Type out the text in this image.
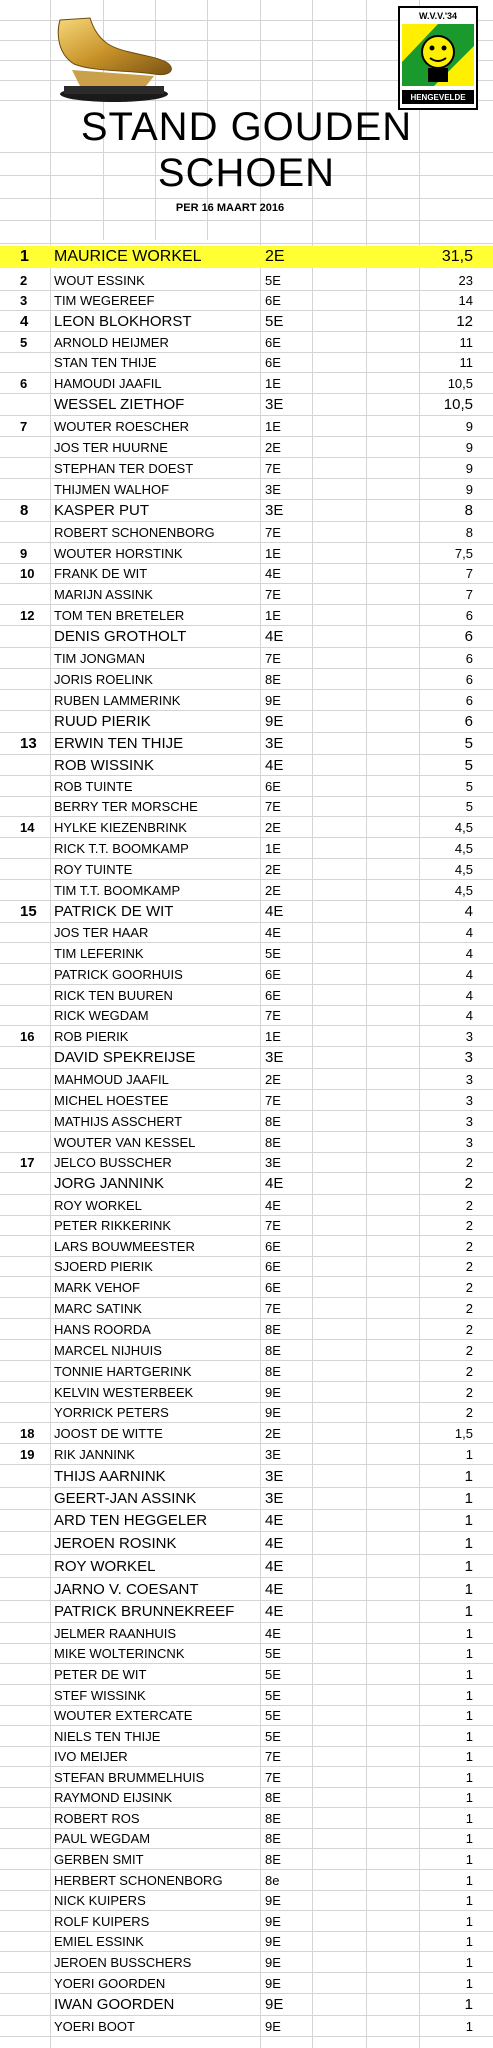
W.V.V.'34
HENGEVELDE
STAND GOUDEN SCHOEN
PER 16 MAART 2016
1	MAURICE WORKEL	2E	31,5
2	WOUT ESSINK	5E	23
3	TIM WEGEREEF	6E	14
4	LEON BLOKHORST	5E	12
5	ARNOLD HEIJMER	6E	11
STAN TEN THIJE	6E	11
6	HAMOUDI JAAFIL	1E	10,5
WESSEL ZIETHOF	3E	10,5
7	WOUTER ROESCHER	1E	9
JOS TER HUURNE	2E	9
STEPHAN TER DOEST	7E	9
THIJMEN WALHOF	3E	9
8	KASPER PUT	3E	8
ROBERT SCHONENBORG	7E	8
9	WOUTER HORSTINK	1E	7,5
10	FRANK DE WIT	4E	7
MARIJN ASSINK	7E	7
12	TOM TEN BRETELER	1E	6
DENIS GROTHOLT	4E	6
TIM JONGMAN	7E	6
JORIS ROELINK	8E	6
RUBEN LAMMERINK	9E	6
RUUD PIERIK	9E	6
13 ERWIN TEN THIJE	3E	5
ROB WISSINK	4E	5
ROB TUINTE	6E	5
BERRY TER MORSCHE	7E	5
14	HYLKE KIEZENBRINK	2E	4,5
RICK T.T. BOOMKAMP	1E	4,5
ROY TUINTE	2E	4,5
TIM T.T. BOOMKAMP	2E	4,5
15 PATRICK DE WIT	4E	4
JOS TER HAAR	4E	4
TIM LEFERINK	5E	4
PATRICK GOORHUIS	6E	4
RICK TEN BUUREN	6E	4
RICK WEGDAM	7E	4
16	ROB PIERIK	1E	3
DAVID SPEKREIJSE	3E	3
MAHMOUD JAAFIL	2E	3
MICHEL HOESTEE	7E	3
MATHIJS ASSCHERT	8E	3
WOUTER VAN KESSEL	8E	3
17	JELCO BUSSCHER	3E	2
JORG JANNINK	4E	2
ROY WORKEL	4E	2
PETER RIKKERINK	7E	2
LARS BOUWMEESTER	6E	2
SJOERD PIERIK	6E	2
MARK VEHOF	6E	2
MARC SATINK	7E	2
HANS ROORDA	8E	2
MARCEL NIJHUIS	8E	2
TONNIE HARTGERINK	8E	2
KELVIN WESTERBEEK	9E	2
YORRICK PETERS	9E	2
18	JOOST DE WITTE	2E	1,5
19	RIK JANNINK	3E	1
THIJS AARNINK	3E	1
GEERT-JAN ASSINK	3E	1
ARD TEN HEGGELER	4E	1
JEROEN ROSINK	4E	1
ROY WORKEL	4E	1
JARNO V. COESANT	4E	1
PATRICK BRUNNEKREEF 4E	1
JELMER RAANHUIS	4E	1
MIKE WOLTERINCNK	5E	1
PETER DE WIT	5E	1
STEF WISSINK	5E	1
WOUTER EXTERCATE	5E	1
NIELS TEN THIJE	5E	1
IVO MEIJER	7E	1
STEFAN BRUMMELHUIS	7E	1
RAYMOND EIJSINK	8E	1
ROBERT ROS	8E	1
PAUL WEGDAM	8E	1
GERBEN SMIT	8E	1
HERBERT SCHONENBORG	8e	1
NICK KUIPERS	9E	1
ROLF KUIPERS	9E	1
EMIEL ESSINK	9E	1
JEROEN BUSSCHERS	9E	1
YOERI GOORDEN	9E	1
IWAN GOORDEN	9E	1
YOERI BOOT	9E	1
